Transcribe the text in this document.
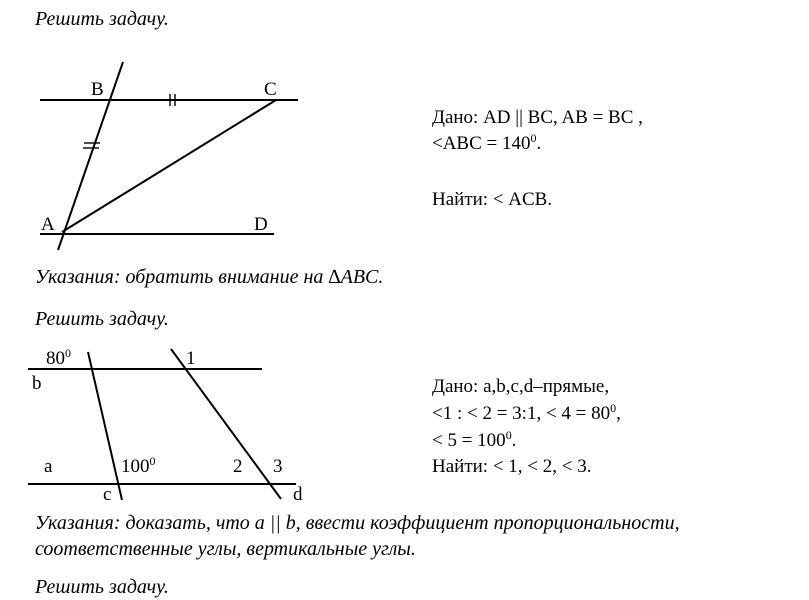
Решить задачу.
B	C
A	D
Дано: AD || BC, AB = BC ,
$<ABC = 140^0$.
Найти: < ACB.
Указания: обратить внимание на ∆ABC.
Решить задачу.
$80^0$	1
b
a	$100^0$	2 3
c	d
Дано: a,b,c,d–прямые,
<1 : < 2 = 3:1, < $4 = 80^0$,
< $5 = 100^0$.
Найти: < 1, < 2, < 3.
Указания: доказать, что a || b, ввести коэффициент пропорциональности,
соответственные углы, вертикальные углы.
Решить задачу.
